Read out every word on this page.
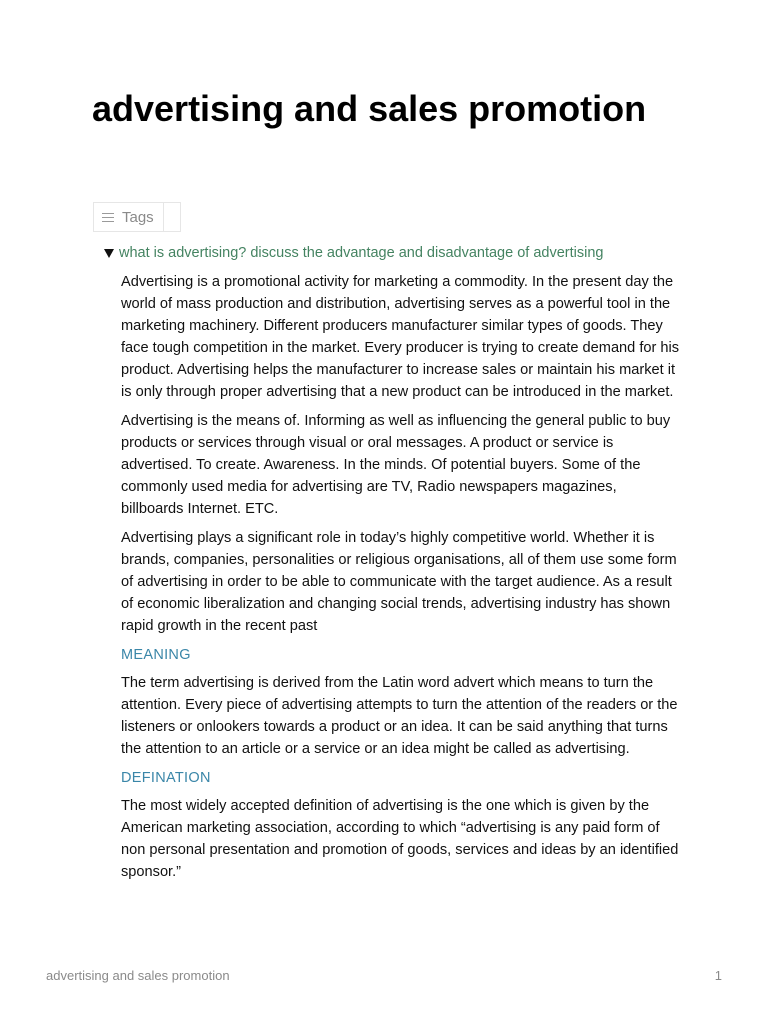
advertising and sales promotion
Tags
what is advertising? discuss the advantage and disadvantage of advertising

Advertising is a promotional activity for marketing a commodity. In the present day the world of mass production and distribution, advertising serves as a powerful tool in the marketing machinery. Different producers manufacturer similar types of goods. They face tough competition in the market. Every producer is trying to create demand for his product. Advertising helps the manufacturer to increase sales or maintain his market it is only through proper advertising that a new product can be introduced in the market.

Advertising is the means of. Informing as well as influencing the general public to buy products or services through visual or oral messages. A product or service is advertised. To create. Awareness. In the minds. Of potential buyers. Some of the commonly used media for advertising are TV, Radio newspapers magazines, billboards Internet. ETC.

Advertising plays a significant role in today’s highly competitive world. Whether it is brands, companies, personalities or religious organisations, all of them use some form of advertising in order to be able to communicate with the target audience. As a result of economic liberalization and changing social trends, advertising industry has shown rapid growth in the recent past

MEANING

The term advertising is derived from the Latin word advert which means to turn the attention. Every piece of advertising attempts to turn the attention of the readers or the listeners or onlookers towards a product or an idea. It can be said anything that turns the attention to an article or a service or an idea might be called as advertising.

DEFINATION

The most widely accepted definition of advertising is the one which is given by the American marketing association, according to which “advertising is any paid form of non personal presentation and promotion of goods, services and ideas by an identified sponsor.”

advertising and sales promotion	1
